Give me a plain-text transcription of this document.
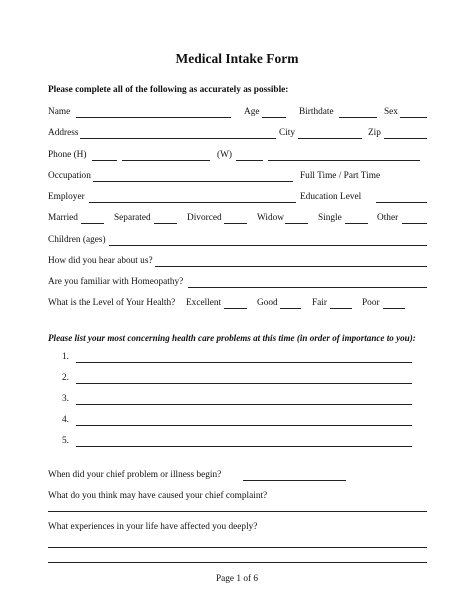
Medical Intake Form
Please complete all of the following as accurately as possible:
Name	Age	Birthdate	Sex
Address	City	Zip
Phone (H)	(W)
Occupation	Full Time / Part Time
Employer	Education Level
Married	Separated	Divorced	Widow	Single	Other
Children (ages)
How did you hear about us?
Are you familiar with Homeopathy?
What is the Level of Your Health? Excellent	Good	Fair	Poor
Please list your most concerning health care problems at this time (in order of importance to you):
1.
2.
3.
4.
5.
When did your chief problem or illness begin?
What do you think may have caused your chief complaint?
What experiences in your life have affected you deeply?
Page 1 of 6
